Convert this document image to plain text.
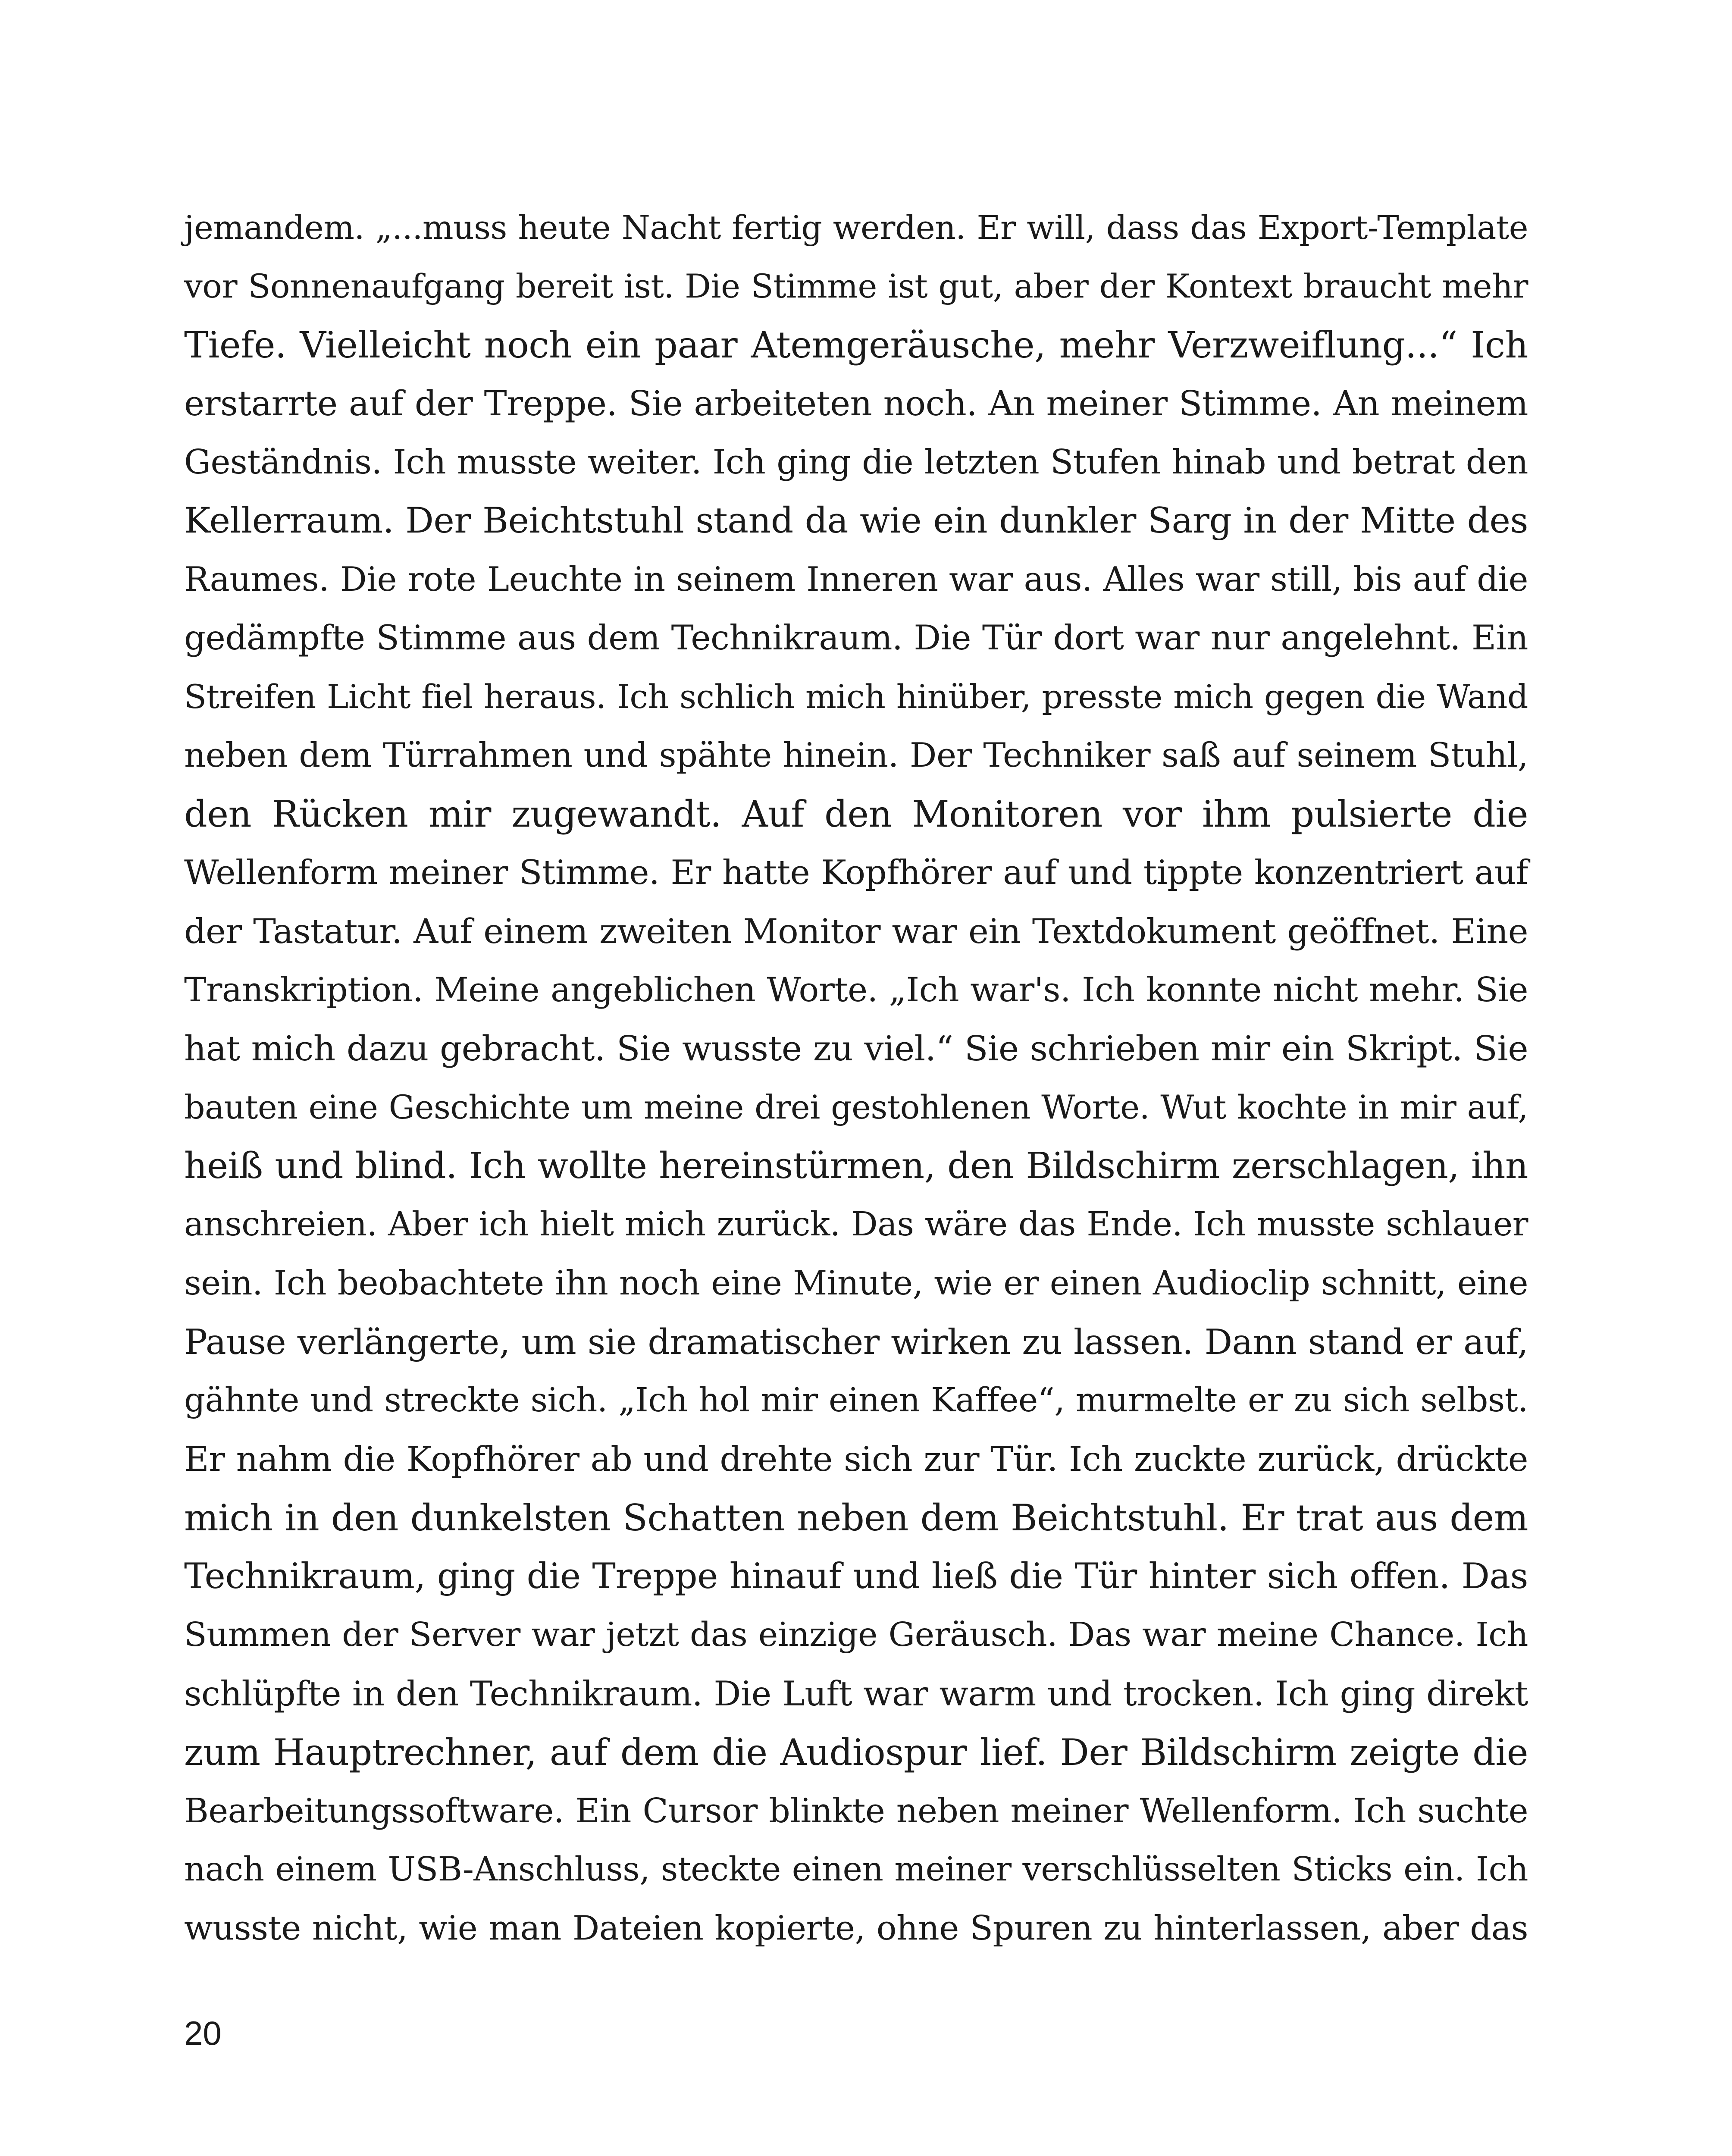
jemandem. „...muss heute Nacht fertig werden. Er will, dass das Export-Template
vor Sonnenaufgang bereit ist. Die Stimme ist gut, aber der Kontext braucht mehr
Tiefe. Vielleicht noch ein paar Atemgeräusche, mehr Verzweiflung...“ Ich
erstarrte auf der Treppe. Sie arbeiteten noch. An meiner Stimme. An meinem
Geständnis. Ich musste weiter. Ich ging die letzten Stufen hinab und betrat den
Kellerraum. Der Beichtstuhl stand da wie ein dunkler Sarg in der Mitte des
Raumes. Die rote Leuchte in seinem Inneren war aus. Alles war still, bis auf die
gedämpfte Stimme aus dem Technikraum. Die Tür dort war nur angelehnt. Ein
Streifen Licht fiel heraus. Ich schlich mich hinüber, presste mich gegen die Wand
neben dem Türrahmen und spähte hinein. Der Techniker saß auf seinem Stuhl,
den Rücken mir zugewandt. Auf den Monitoren vor ihm pulsierte die
Wellenform meiner Stimme. Er hatte Kopfhörer auf und tippte konzentriert auf
der Tastatur. Auf einem zweiten Monitor war ein Textdokument geöffnet. Eine
Transkription. Meine angeblichen Worte. „Ich war's. Ich konnte nicht mehr. Sie
hat mich dazu gebracht. Sie wusste zu viel.“ Sie schrieben mir ein Skript. Sie
bauten eine Geschichte um meine drei gestohlenen Worte. Wut kochte in mir auf,
heiß und blind. Ich wollte hereinstürmen, den Bildschirm zerschlagen, ihn
anschreien. Aber ich hielt mich zurück. Das wäre das Ende. Ich musste schlauer
sein. Ich beobachtete ihn noch eine Minute, wie er einen Audioclip schnitt, eine
Pause verlängerte, um sie dramatischer wirken zu lassen. Dann stand er auf,
gähnte und streckte sich. „Ich hol mir einen Kaffee“, murmelte er zu sich selbst.
Er nahm die Kopfhörer ab und drehte sich zur Tür. Ich zuckte zurück, drückte
mich in den dunkelsten Schatten neben dem Beichtstuhl. Er trat aus dem
Technikraum, ging die Treppe hinauf und ließ die Tür hinter sich offen. Das
Summen der Server war jetzt das einzige Geräusch. Das war meine Chance. Ich
schlüpfte in den Technikraum. Die Luft war warm und trocken. Ich ging direkt
zum Hauptrechner, auf dem die Audiospur lief. Der Bildschirm zeigte die
Bearbeitungssoftware. Ein Cursor blinkte neben meiner Wellenform. Ich suchte
nach einem USB-Anschluss, steckte einen meiner verschlüsselten Sticks ein. Ich
wusste nicht, wie man Dateien kopierte, ohne Spuren zu hinterlassen, aber das
20
